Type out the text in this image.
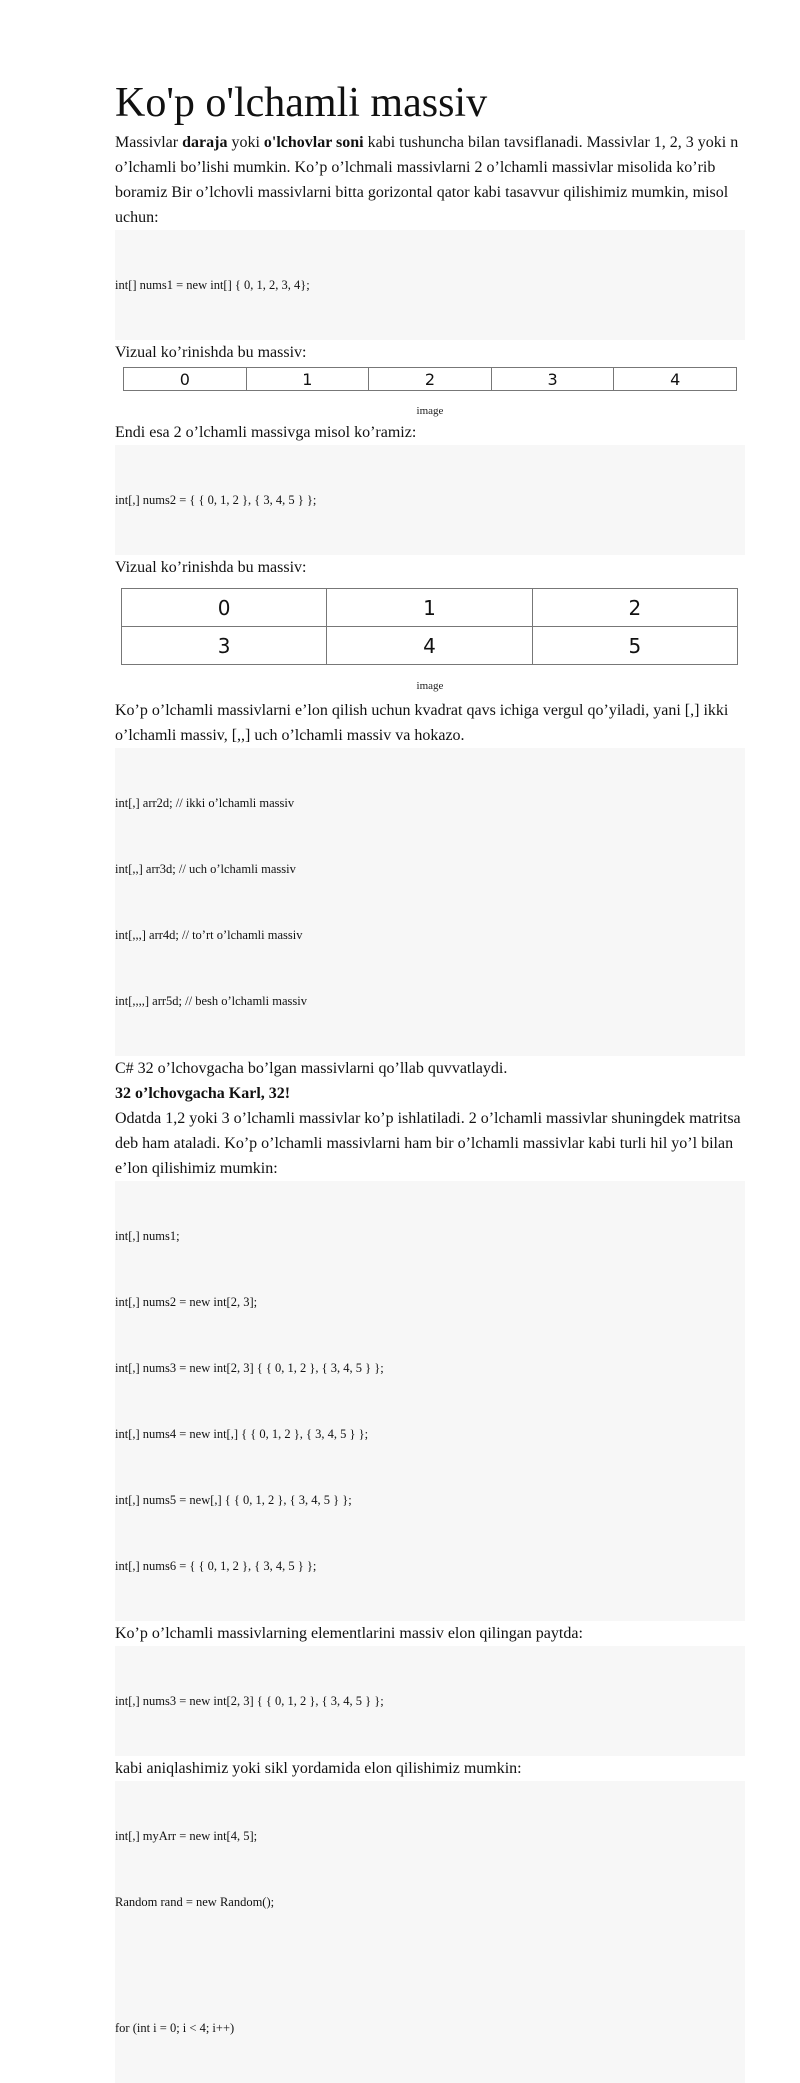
Ko'p o'lchamli massiv

Massivlar daraja yoki o'lchovlar soni kabi tushuncha bilan tavsiflanadi. Massivlar 1, 2, 3 yoki n o’lchamli bo’lishi mumkin. Ko’p o’lchmali massivlarni 2 o’lchamli massivlar misolida ko’rib boramiz Bir o’lchovli massivlarni bitta gorizontal qator kabi tasavvur qilishimiz mumkin, misol uchun:

int[] nums1 = new int[] { 0, 1, 2, 3, 4};

Vizual ko’rinishda bu massiv:

0	1	2	3	4
image

Endi esa 2 o’lchamli massivga misol ko’ramiz:

int[,] nums2 = { { 0, 1, 2 }, { 3, 4, 5 } };

Vizual ko’rinishda bu massiv:

0	1	2
3	4	5
image

Ko’p o’lchamli massivlarni e’lon qilish uchun kvadrat qavs ichiga vergul qo’yiladi, yani [,] ikki o’lchamli massiv, [,,] uch o’lchamli massiv va hokazo.

int[,] arr2d; // ikki o’lchamli massiv

int[,,] arr3d; // uch o’lchamli massiv

int[,,,] arr4d; // to’rt o’lchamli massiv

int[,,,,] arr5d; // besh o’lchamli massiv

C# 32 o’lchovgacha bo’lgan massivlarni qo’llab quvvatlaydi.

32 o’lchovgacha Karl, 32!

Odatda 1,2 yoki 3 o’lchamli massivlar ko’p ishlatiladi. 2 o’lchamli massivlar shuningdek matritsa deb ham ataladi. Ko’p o’lchamli massivlarni ham bir o’lchamli massivlar kabi turli hil yo’l bilan e’lon qilishimiz mumkin:

int[,] nums1;

int[,] nums2 = new int[2, 3];

int[,] nums3 = new int[2, 3] { { 0, 1, 2 }, { 3, 4, 5 } };

int[,] nums4 = new int[,] { { 0, 1, 2 }, { 3, 4, 5 } };

int[,] nums5 = new[,] { { 0, 1, 2 }, { 3, 4, 5 } };

int[,] nums6 = { { 0, 1, 2 }, { 3, 4, 5 } };

Ko’p o’lchamli massivlarning elementlarini massiv elon qilingan paytda:

int[,] nums3 = new int[2, 3] { { 0, 1, 2 }, { 3, 4, 5 } };

kabi aniqlashimiz yoki sikl yordamida elon qilishimiz mumkin:

int[,] myArr = new int[4, 5];

Random rand = new Random();

for (int i = 0; i < 4; i++)
